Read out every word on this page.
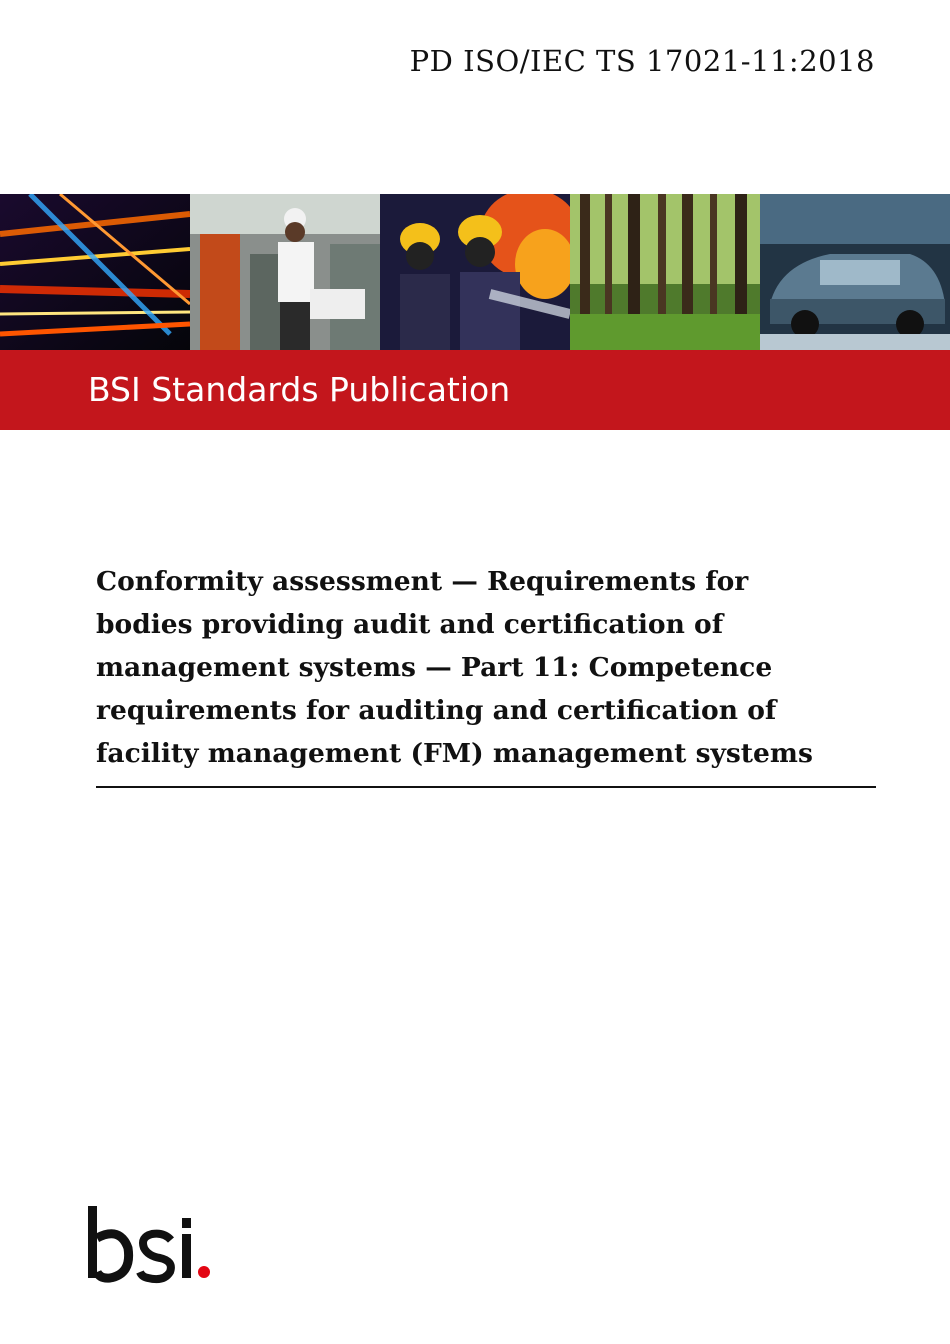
PD ISO/IEC TS 17021-11:2018
BSI Standards Publication
Conformity assessment — Requirements for
bodies providing audit and certification of
management systems — Part 11: Competence
requirements for auditing and certification of
facility management (FM) management systems
